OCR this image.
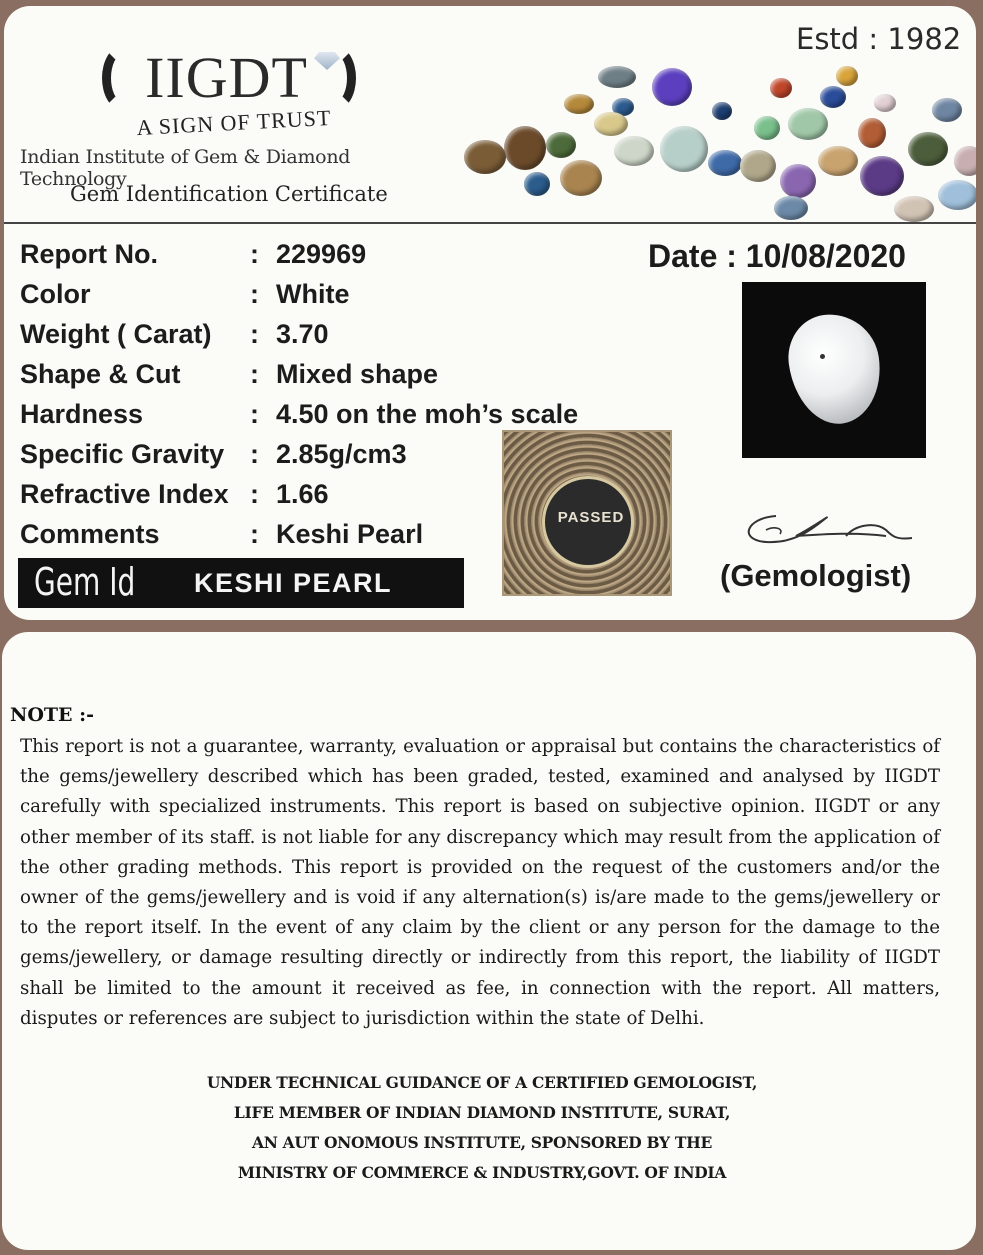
IIGDT
A SIGN OF TRUST
Indian Institute of Gem & Diamond Technology
Gem Identification Certificate
Estd : 1982
Report No.	: 229969
Color	: White
Weight ( Carat) : 3.70
Shape & Cut	: Mixed shape
Hardness	: 4.50 on the moh’s scale
Specific Gravity : 2.85g/cm3
Refractive Index : 1.66
Comments	: Keshi Pearl
Date : 10/08/2020
PASSED
(Gemologist)
Gem Id KESHI PEARL
NOTE :-
This report is not a guarantee, warranty, evaluation or appraisal but contains the characteristics of the gems/jewellery described which has been graded, tested, examined and analysed by IIGDT carefully with specialized instruments. This report is based on subjective opinion. IIGDT or any other member of its staff. is not liable for any discrepancy which may result from the application of the other grading methods. This report is provided on the request of the customers and/or the owner of the gems/jewellery and is void if any alternation(s) is/are made to the gems/jewellery or to the report itself. In the event of any claim by the client or any person for the damage to the gems/jewellery, or damage resulting directly or indirectly from this report, the liability of IIGDT shall be limited to the amount it received as fee, in connection with the report. All matters, disputes or references are subject to jurisdiction within the state of Delhi.
UNDER TECHNICAL GUIDANCE OF A CERTIFIED GEMOLOGIST,
LIFE MEMBER OF INDIAN DIAMOND INSTITUTE, SURAT,
AN AUT ONOMOUS INSTITUTE, SPONSORED BY THE
MINISTRY OF COMMERCE & INDUSTRY,GOVT. OF INDIA
